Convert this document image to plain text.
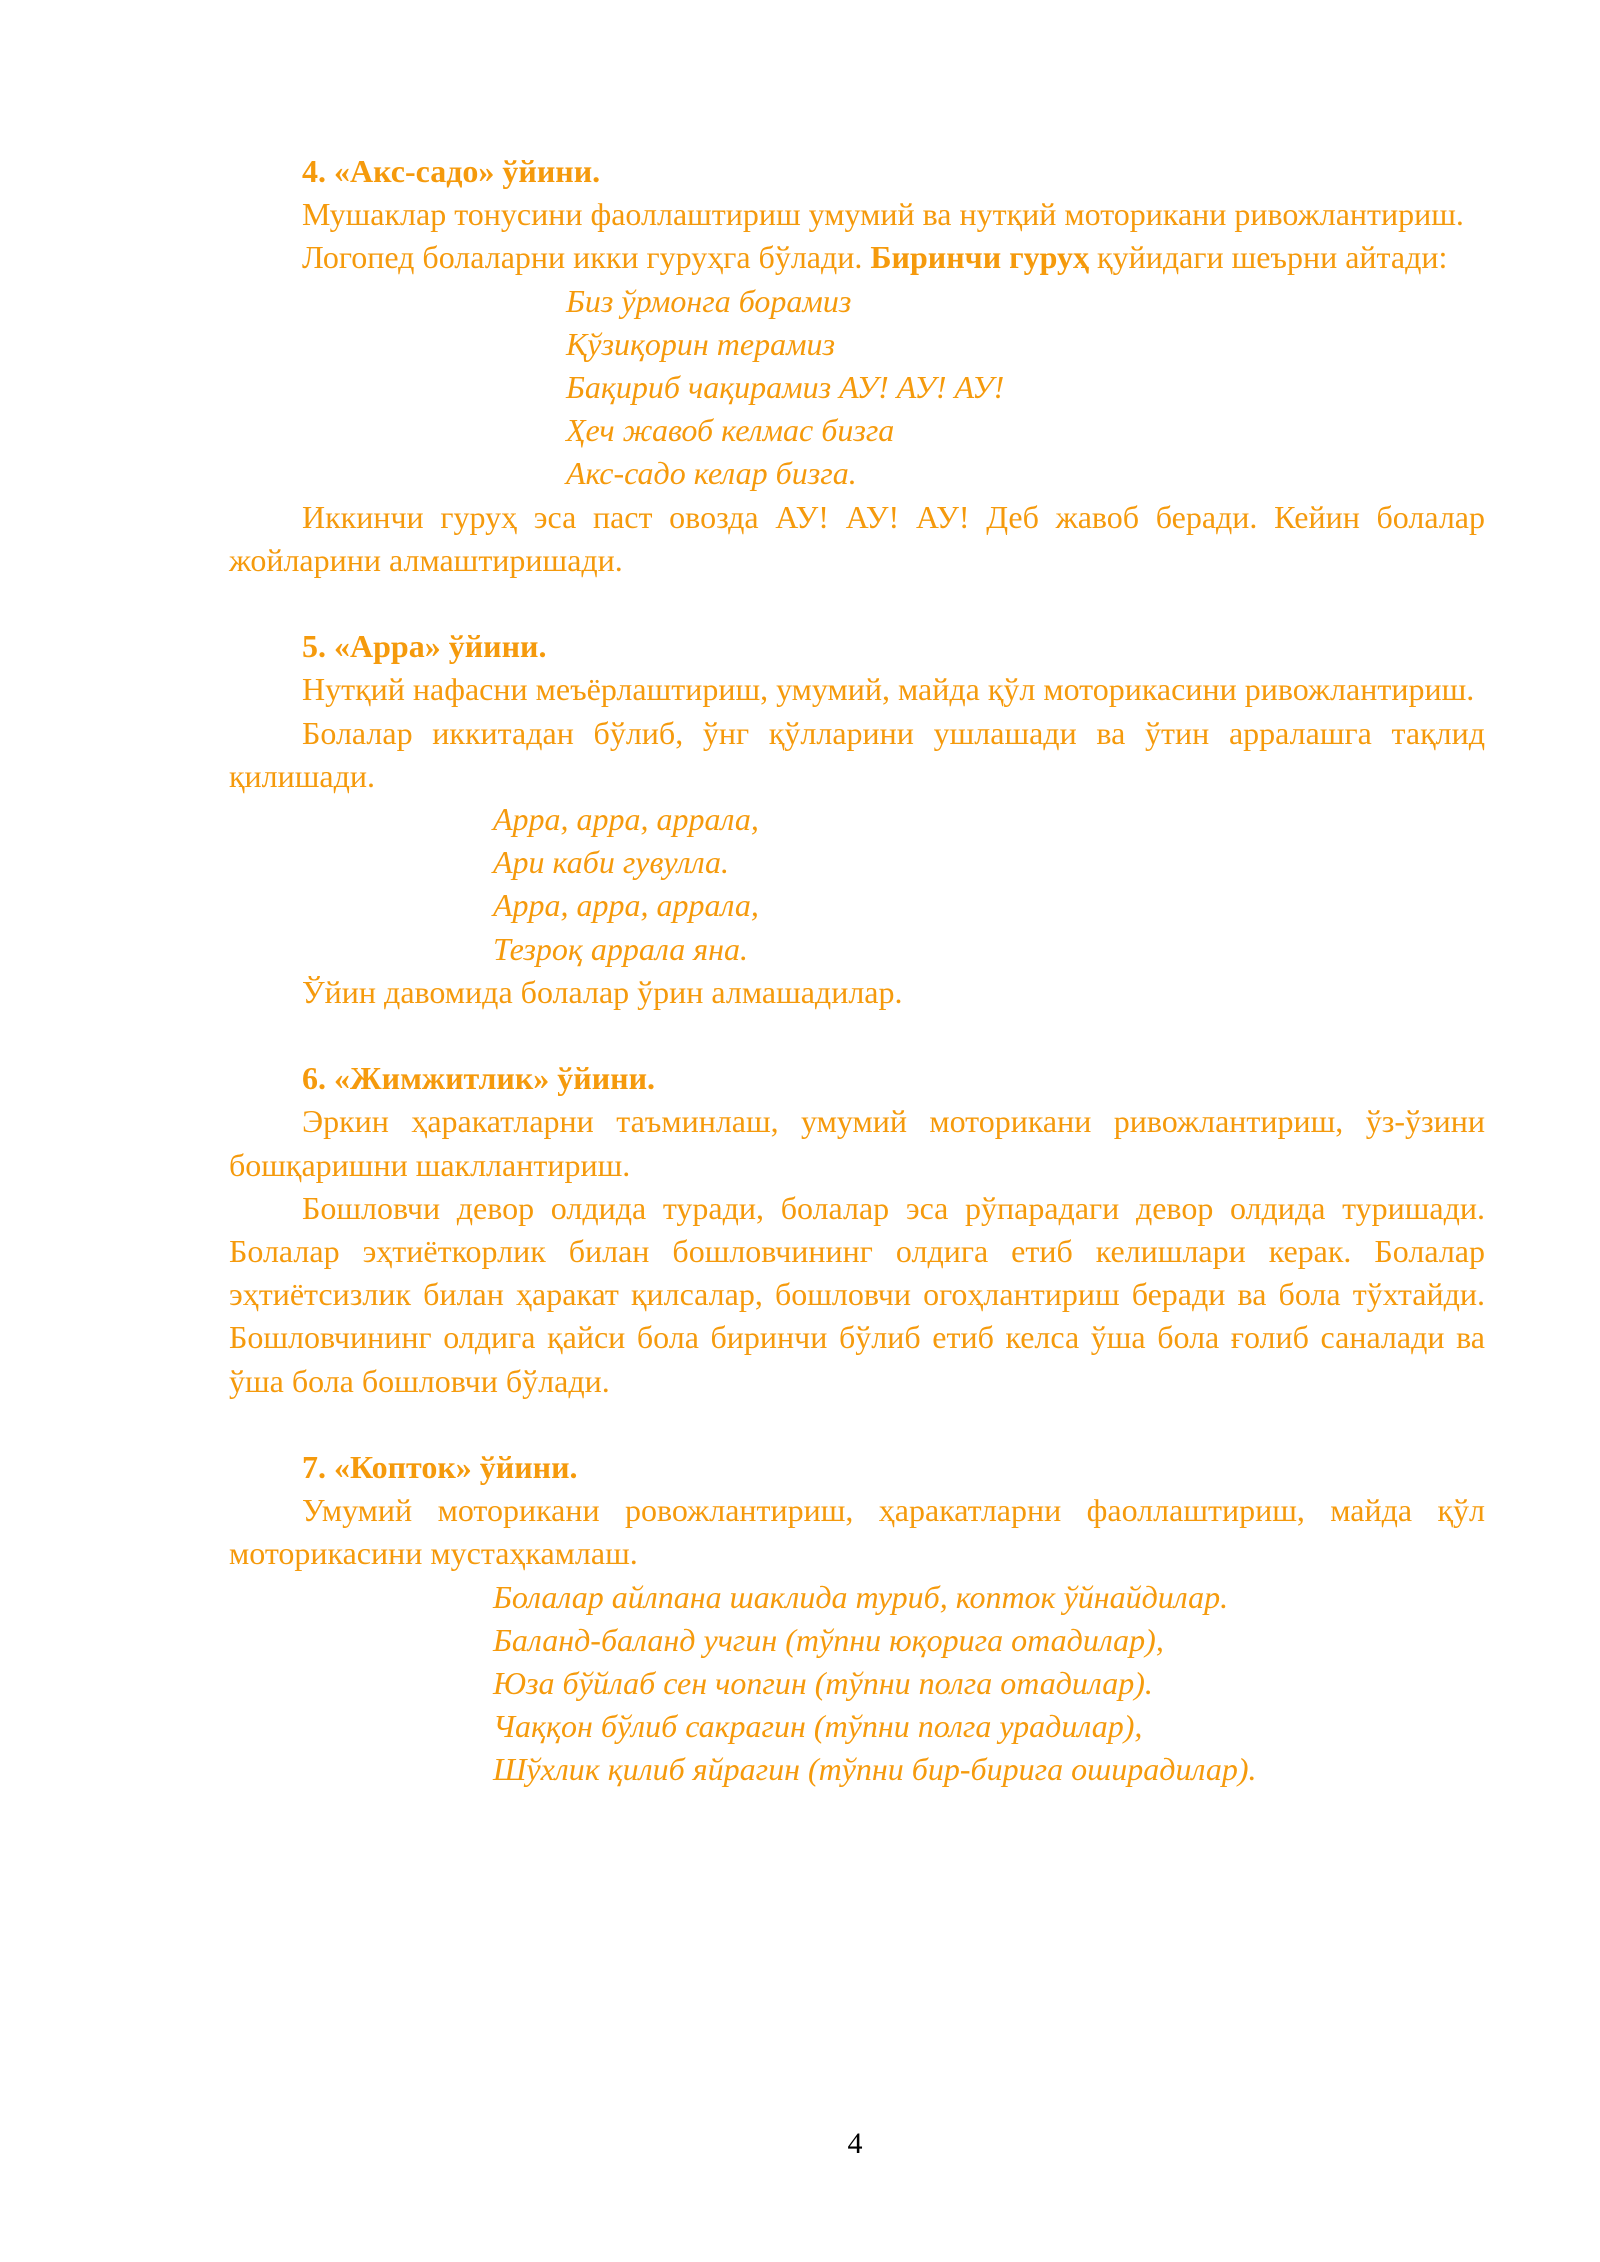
4. «Акс-садо» ўйини.

Мушаклар тонусини фаоллаштириш умумий ва нутқий моторикани ривожлантириш.

Логопед болаларни икки гуруҳга бўлади. Биринчи гуруҳ қуйидаги шеърни айтади:

Биз ўрмонга борамиз
Қўзиқорин терамиз
Бақириб чақирамиз АУ! АУ! АУ!
Ҳеч жавоб келмас бизга
Акс-садо келар бизга.

Иккинчи гуруҳ эса паст овозда АУ! АУ! АУ! Деб жавоб беради. Кейин болалар жойларини алмаштиришади.

5. «Арра» ўйини.

Нутқий нафасни меъёрлаштириш, умумий, майда қўл моторикасини ривожлантириш.

Болалар иккитадан бўлиб, ўнг қўлларини ушлашади ва ўтин арралашга тақлид қилишади.

Арра, арра, аррала,
Ари каби гувулла.
Арра, арра, аррала,
Тезроқ аррала яна.

Ўйин давомида болалар ўрин алмашадилар.

6. «Жимжитлик» ўйини.

Эркин ҳаракатларни таъминлаш, умумий моторикани ривожлантириш, ўз-ўзини бошқаришни шакллантириш.

Бошловчи девор олдида туради, болалар эса рўпарадаги девор олдида туришади. Болалар эҳтиёткорлик билан бошловчининг олдига етиб келишлари керак. Болалар эҳтиётсизлик билан ҳаракат қилсалар, бошловчи огоҳлантириш беради ва бола тўхтайди. Бошловчининг олдига қайси бола биринчи бўлиб етиб келса ўша бола ғолиб саналади ва ўша бола бошловчи бўлади.

7. «Копток» ўйини.

Умумий моторикани ровожлантириш, ҳаракатларни фаоллаштириш, майда қўл моторикасини мустаҳкамлаш.

Болалар айлпана шаклида туриб, копток ўйнайдилар.
Баланд-баланд учгин (тўпни юқорига отадилар),
Юза бўйлаб сен чопгин (тўпни полга отадилар).
Чаққон бўлиб сакрагин (тўпни полга урадилар),
Шўхлик қилиб яйрагин (тўпни бир-бирига оширадилар).
4
